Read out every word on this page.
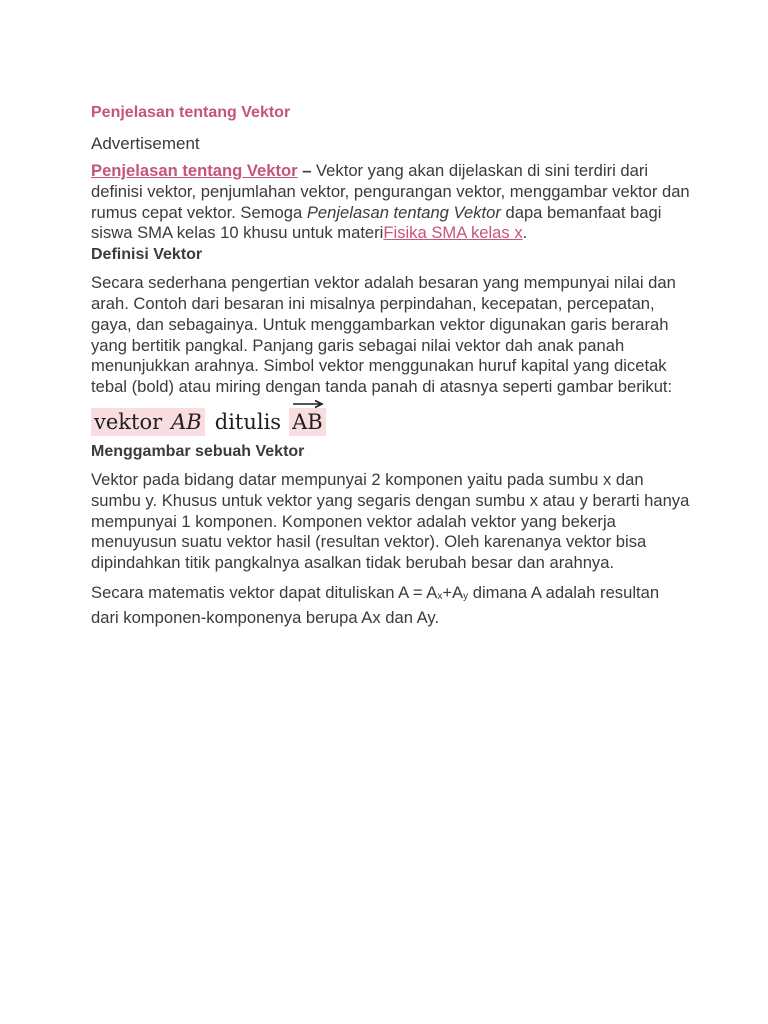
Penjelasan tentang Vektor

Advertisement

Penjelasan tentang Vektor – Vektor yang akan dijelaskan di sini terdiri dari definisi vektor, penjumlahan vektor, pengurangan vektor, menggambar vektor dan rumus cepat vektor. Semoga Penjelasan tentang Vektor dapa bemanfaat bagi siswa SMA kelas 10 khusu untuk materiFisika SMA kelas x.

Definisi Vektor

Secara sederhana pengertian vektor adalah besaran yang mempunyai nilai dan arah. Contoh dari besaran ini misalnya perpindahan, kecepatan, percepatan, gaya, dan sebagainya. Untuk menggambarkan vektor digunakan garis berarah yang bertitik pangkal. Panjang garis sebagai nilai vektor dah anak panah menunjukkan arahnya. Simbol vektor menggunakan huruf kapital yang dicetak tebal (bold) atau miring dengan tanda panah di atasnya seperti gambar berikut:

vektor AB ditulis AB

Menggambar sebuah Vektor

Vektor pada bidang datar mempunyai 2 komponen yaitu pada sumbu x dan sumbu y. Khusus untuk vektor yang segaris dengan sumbu x atau y berarti hanya mempunyai 1 komponen. Komponen vektor adalah vektor yang bekerja menuyusun suatu vektor hasil (resultan vektor). Oleh karenanya vektor bisa dipindahkan titik pangkalnya asalkan tidak berubah besar dan arahnya.

Secara matematis vektor dapat dituliskan $A = A_x+A_y$ dimana A adalah resultan dari komponen-komponenya berupa Ax dan Ay.
